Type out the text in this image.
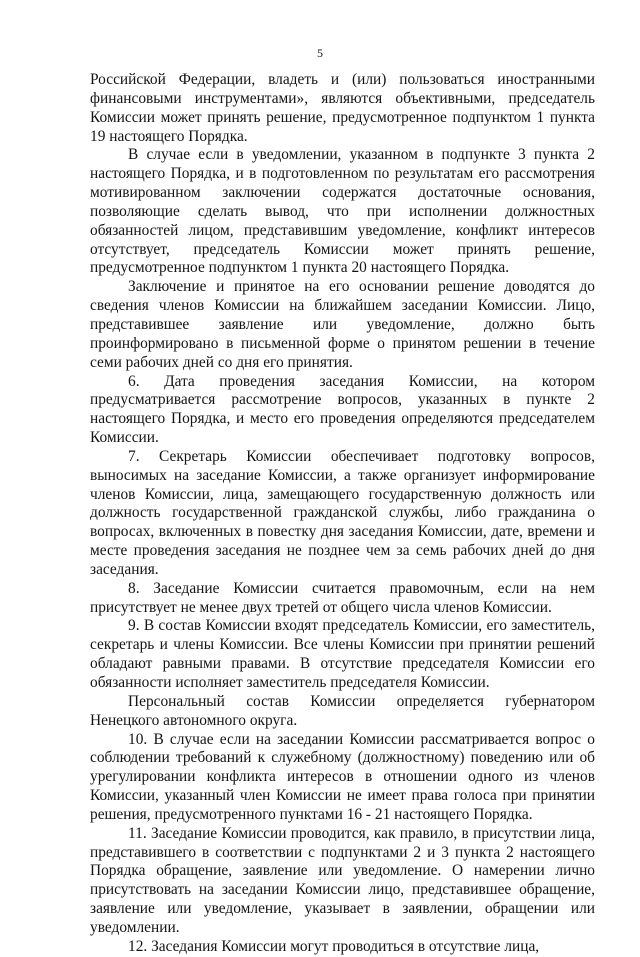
5

Российской Федерации, владеть и (или) пользоваться иностранными финансовыми инструментами», являются объективными, председатель Комиссии может принять решение, предусмотренное подпунктом 1 пункта 19 настоящего Порядка.

В случае если в уведомлении, указанном в подпункте 3 пункта 2 настоящего Порядка, и в подготовленном по результатам его рассмотрения мотивированном заключении содержатся достаточные основания, позволяющие сделать вывод, что при исполнении должностных обязанностей лицом, представившим уведомление, конфликт интересов отсутствует, председатель Комиссии может принять решение, предусмотренное подпунктом 1 пункта 20 настоящего Порядка.

Заключение и принятое на его основании решение доводятся до сведения членов Комиссии на ближайшем заседании Комиссии. Лицо, представившее заявление или уведомление, должно быть проинформировано в письменной форме о принятом решении в течение семи рабочих дней со дня его принятия.

6. Дата проведения заседания Комиссии, на котором предусматривается рассмотрение вопросов, указанных в пункте 2 настоящего Порядка, и место его проведения определяются председателем Комиссии.

7. Секретарь Комиссии обеспечивает подготовку вопросов, выносимых на заседание Комиссии, а также организует информирование членов Комиссии, лица, замещающего государственную должность или должность государственной гражданской службы, либо гражданина о вопросах, включенных в повестку дня заседания Комиссии, дате, времени и месте проведения заседания не позднее чем за семь рабочих дней до дня заседания.

8. Заседание Комиссии считается правомочным, если на нем присутствует не менее двух третей от общего числа членов Комиссии.

9. В состав Комиссии входят председатель Комиссии, его заместитель, секретарь и члены Комиссии. Все члены Комиссии при принятии решений обладают равными правами. В отсутствие председателя Комиссии его обязанности исполняет заместитель председателя Комиссии.

Персональный состав Комиссии определяется губернатором Ненецкого автономного округа.

10. В случае если на заседании Комиссии рассматривается вопрос о соблюдении требований к служебному (должностному) поведению или об урегулировании конфликта интересов в отношении одного из членов Комиссии, указанный член Комиссии не имеет права голоса при принятии решения, предусмотренного пунктами 16 - 21 настоящего Порядка.

11. Заседание Комиссии проводится, как правило, в присутствии лица, представившего в соответствии с подпунктами 2 и 3 пункта 2 настоящего Порядка обращение, заявление или уведомление. О намерении лично присутствовать на заседании Комиссии лицо, представившее обращение, заявление или уведомление, указывает в заявлении, обращении или уведомлении.

12. Заседания Комиссии могут проводиться в отсутствие лица,
